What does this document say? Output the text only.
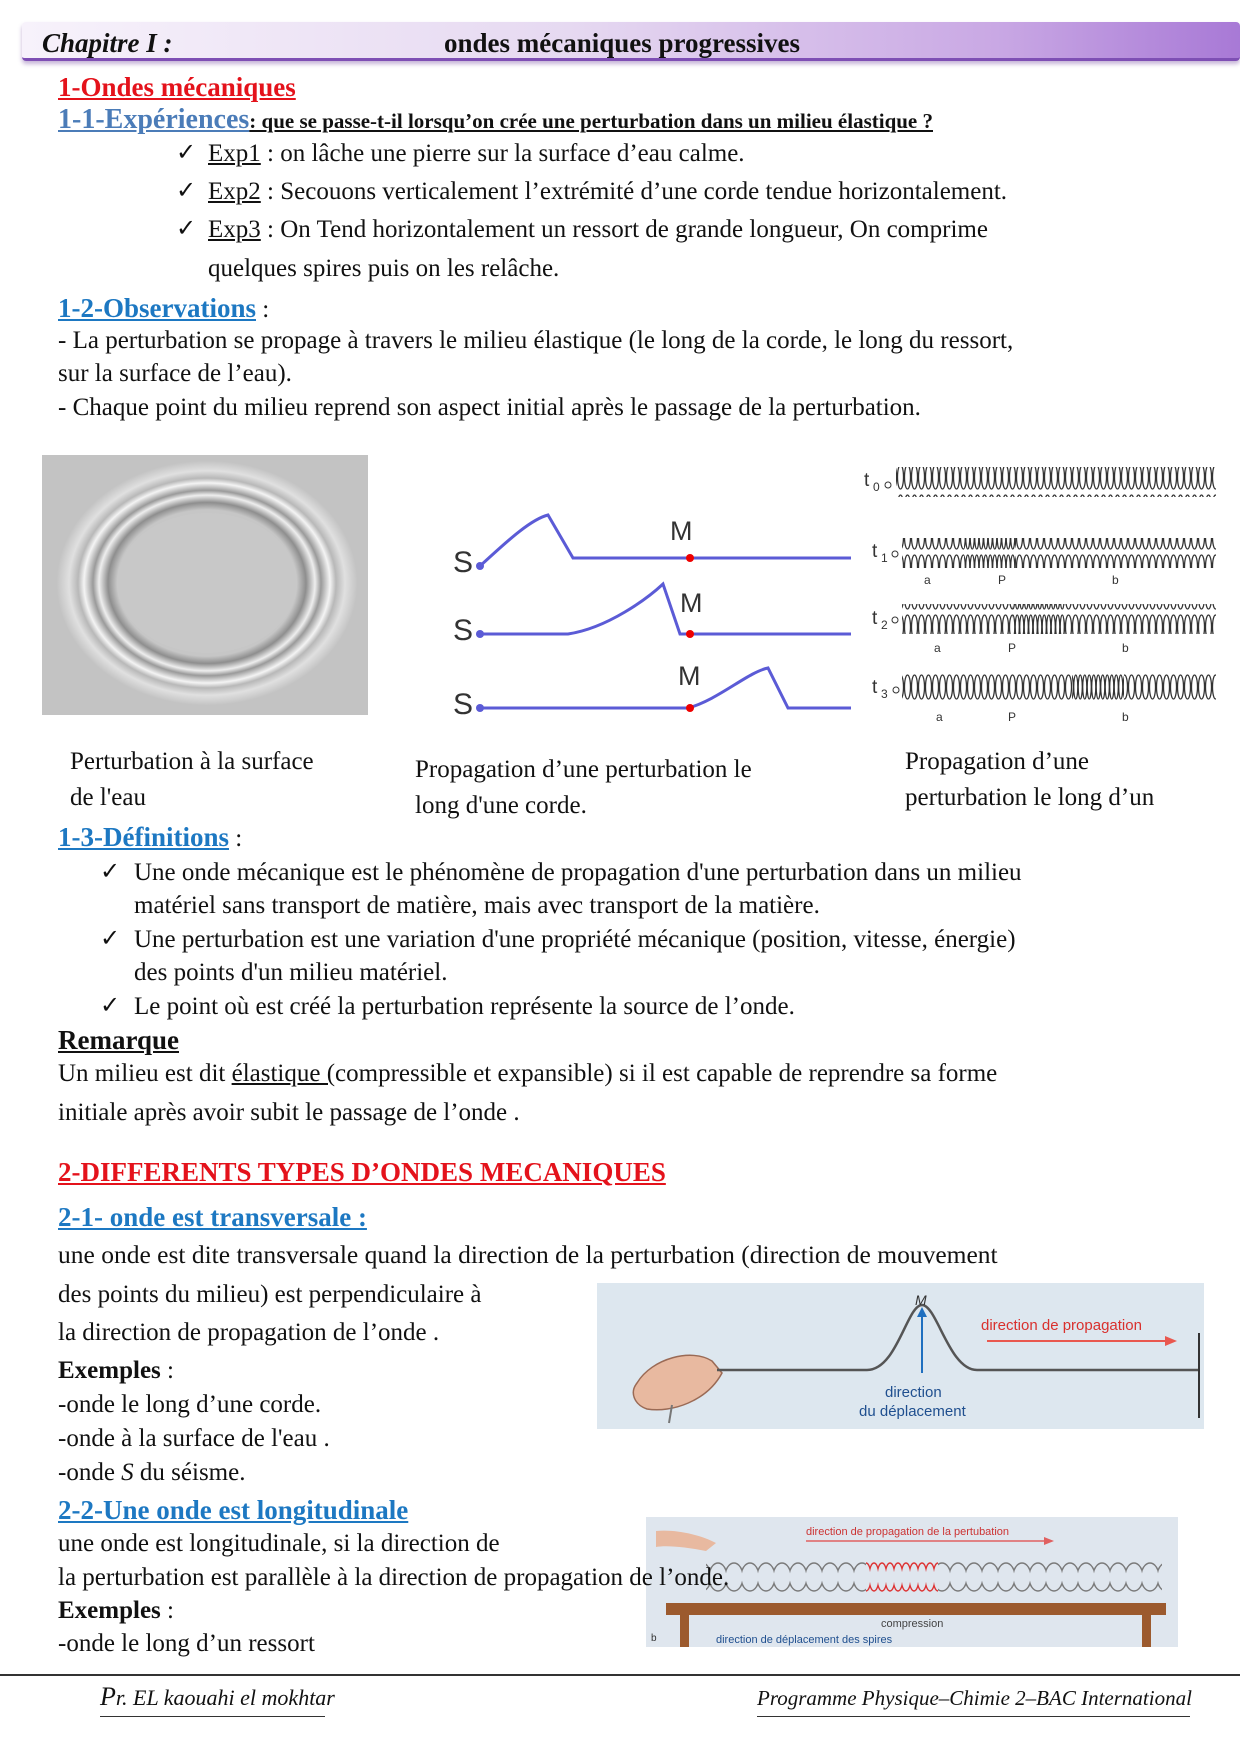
Chapitre I :	ondes mécaniques progressives
1-Ondes mécaniques
1-1-Expériences: que se passe-t-il lorsqu’on crée une perturbation dans un milieu élastique ?
✓ Exp1 : on lâche une pierre sur la surface d’eau calme.
✓ Exp2 : Secouons verticalement l’extrémité d’une corde tendue horizontalement.
✓ Exp3 : On Tend horizontalement un ressort de grande longueur, On comprime
quelques spires puis on les relâche.
1-2-Observations :
- La perturbation se propage à travers le milieu élastique (le long de la corde, le long du ressort,
sur la surface de l’eau).
- Chaque point du milieu reprend son aspect initial après le passage de la perturbation.
S
S
S
M
M
M
t 0
t 1
a	P	b
t 2
a	P	b
t 3
a	P	b
Perturbation à la surface
de l'eau
Propagation d’une perturbation le
long d'une corde.
Propagation d’une
perturbation le long d’un
1-3-Définitions :
✓ Une onde mécanique est le phénomène de propagation d'une perturbation dans un milieu
matériel sans transport de matière, mais avec transport de la matière.
✓ Une perturbation est une variation d'une propriété mécanique (position, vitesse, énergie)
des points d'un milieu matériel.
✓ Le point où est créé la perturbation représente la source de l’onde.
Remarque
Un milieu est dit élastique (compressible et expansible) si il est capable de reprendre sa forme
initiale après avoir subit le passage de l’onde .
2-DIFFERENTS TYPES D’ONDES MECANIQUES
2-1- onde est transversale :
une onde est dite transversale quand la direction de la perturbation (direction de mouvement
des points du milieu) est perpendiculaire à
la direction de propagation de l’onde .
Exemples :
-onde le long d’une corde.
-onde à la surface de l'eau .
-onde S du séisme.
M
direction de propagation
direction
du déplacement
2-2-Une onde est longitudinale
une onde est longitudinale, si la direction de	direction de propagation de la pertubation
compression
b	direction de déplacement des spires
la perturbation est parallèle à la direction de propagation de l’onde.
Exemples :
-onde le long d’un ressort
Pr. EL kaouahi el mokhtar	Programme Physique–Chimie 2–BAC International
